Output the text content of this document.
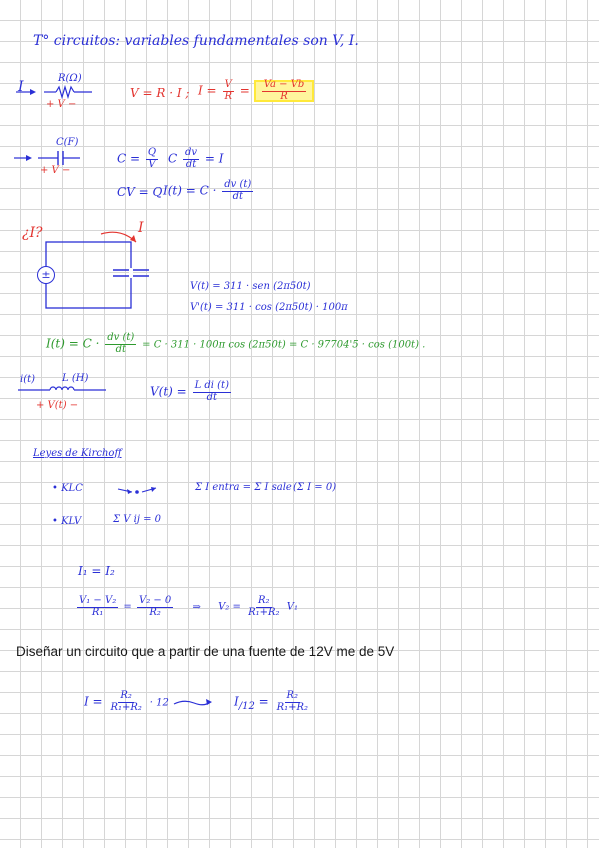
T° circuitos: variables fundamentales son V, I.
I
R(Ω)
+ V −
V = R · I ; $I = \frac{V}{R} = \frac{Va - Vb}{R}$
C(F)
+ V −
$C = \frac{Q}{V}$ C $\frac{dv}{dt} = I$
CV = Q $I(t) = C \cdot \frac{dv (t)}{dt}$
¿I?	I
±
V(t) = 311 · sen (2π50t)
V'(t) = 311 · cos (2π50t) · 100π
$I(t) = C \cdot \frac{dv (t)}{dt} = C \cdot 311 \cdot 100\pi$ cos (2π50t) = C · 97704'5 · cos (100t) .
i(t)	L (H)
+ V(t) −
$V(t) = \frac{\text{L di (t)}}{dt}$
Leyes de Kirchoff
• KLC	Σ I entra = Σ I sale (Σ I = 0)
• KLV	Σ V ij = 0
I₁ = I₂
$\frac{\text{V₁ − V₂}}{\text{R₁}} = \frac{\text{V₂ − 0}}{\text{R₂}}$ ⇒ $V_2 = \frac{\text{R₂}}{\text{R₁+R₂}} V_1$
Diseñar un circuito que a partir de una fuente de 12V me de 5V
$I = \frac{\text{R₂}}{\text{R₁+R₂}} \cdot 12$	$I_{/12} = \frac{\text{R₂}}{\text{R₁+R₂}}$
